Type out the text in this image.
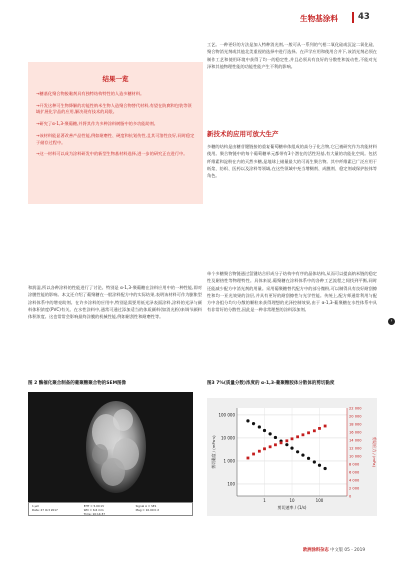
生物基涂料 43
结果一览
→糖基化聚合物胶黏剂具有独特结构特性的人造多糖材料。
→开发这种可生物降解的功能性纳米生物人造聚合物替代材料,有望在防腐和包装等领域扩展化学品的应用,解决现有技术的局限。
→研究了α-1,3-聚葡糖,并将其作为多种涂料树脂中的多功能助剂。
→该材料能显著改善产品性能,例如耐磨性、硬度和抗划伤性,且其可溶性良好,同时稳定于储存过程中。
→这一材料可以成为涂料研发中的新型生物基材料选择,进一步的研究正在进行中。
和润湿,所以各种涂料的性能进行了讨论。特别是 α-1,3-聚葡糖在涂料应用中的一种性能,即对涂膜性能的影响。本文还介绍了葡聚糖在一般涂料配方中的实际结果,表明该材料可作为膨胀型涂料体系中的增亮助剂。在许多涂料的应用中,特别是需要用低光泽表面涂料,涂料的光泽与颜料体积浓度(PVC)有关。在水性涂料中,通常可通过添加适当的体质颜料(如消光粉)来调节颜料体积浓度。这也常常会影响最终涂膜的机械性能,例如耐刮性和耐磨性等。
工艺。一种更好的方法是加入特种消光剂,一般可从一系列的气相二氧化硅或沉淀二氧化硅、聚合物消光剂或其他北美重视的选择中进行选择。在声学应用和使用合并下,该消光剂必须在制作工艺和使用环境中获得了均一的稳定性,并且必须具有良好的分散性和流动性,不能对光泽和其他物理性能的功能性能产生不利的影响。
新技术的应用可放大生产
多糖的结构是由糖苷键链接的重复葡萄糖单体组成的高分子化合物,它已被研究作为功能材料使用。聚合物链中的每个葡萄糖单元都带有3个潜在的活性羟基,有大量的功能化空间。包括纤维素和淀粉在内的天然多糖,是地球上储量最大的可再生聚合物。其中纤维素已广泛应用于纸浆、纺织、医药以及涂料等领域,在这些领域中充当增稠剂、成膜剂、稳定剂或保护胶体等角色。
单个多糖聚合物链通过氢键结合形成分子结构中有序的晶体结构,从而可以提高纳米链的稳定性及耐热性等物理特性。具体来说,葡聚糖在涂料体系中的各种工艺流程之间找到平衡,同时还能减少配方中消光剂的用量。采用葡聚糖替代配方中的部分微粉,可以制得具有良好耐刮擦性和均一亚光效果的涂层,并具有更好的耐刮擦性与光学性能。传统上,配方师通常利用与配方中各组分均匀分散的颗粒来获得理想的光泽控制效果,由于 α-1,3-葡聚糖在水性体系中具有非常好的分散性,因此是一种非常理想的涂料添加剂。
›
图 2 酶催化聚合制备的葡聚糖聚合物的SEM图像
1 µm	EHT = 5.00 kV	Signal A = SE1
Date: 27 Oct 2017	WD = 6.6 mm	Mag = 10.00 K X
Time: 10:14:37
图3 7%(质量分数)浓度的 α-1,3-葡聚糖胶体分散体的剪切黏度
100 000
10 000
1 000
100
22 000
20 000
18 000
16 000
14 000
12 000
10 000
8 000
6 000
4 000
2 000
0
1	10	100
剪切速率 / (1/s)
剪切黏度 / (mPa·s)	剪切应力 / (mPa)
欧洲涂料杂志 中文版 05 - 2019
